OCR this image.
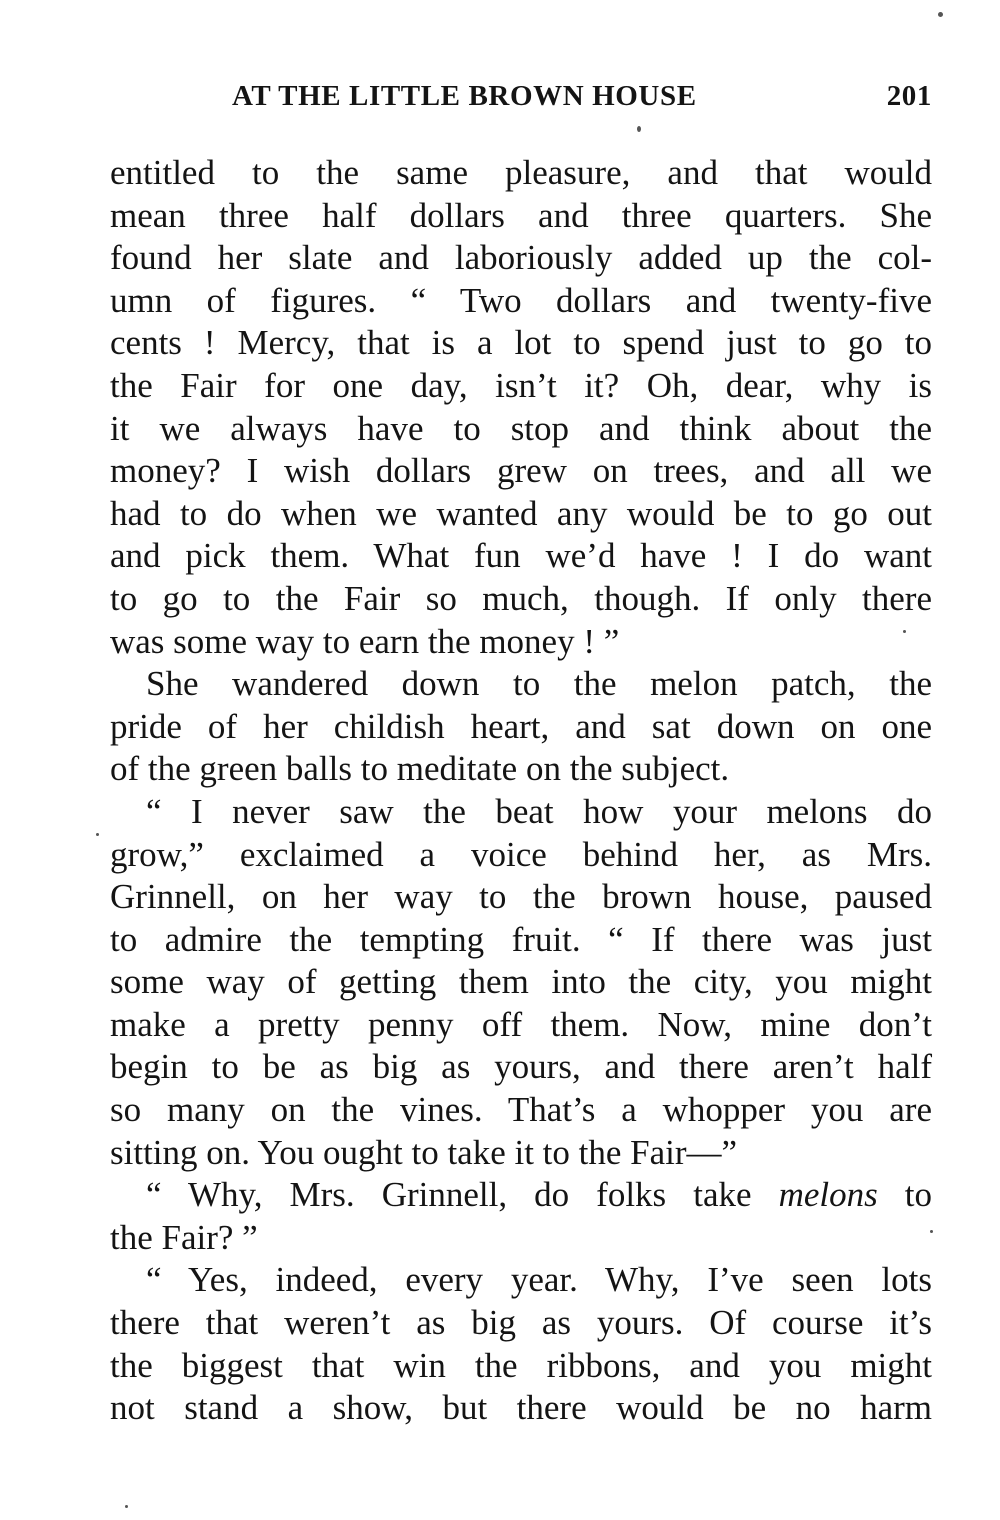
AT THE LITTLE BROWN HOUSE	201
entitled to the same pleasure, and that would
mean three half dollars and three quarters. She
found her slate and laboriously added up the col-
umn of figures. “ Two dollars and twenty-five
cents ! Mercy, that is a lot to spend just to go to
the Fair for one day, isn’t it? Oh, dear, why is
it we always have to stop and think about the
money? I wish dollars grew on trees, and all we
had to do when we wanted any would be to go out
and pick them. What fun we’d have ! I do want
to go to the Fair so much, though. If only there
was some way to earn the money ! ”
She wandered down to the melon patch, the
pride of her childish heart, and sat down on one
of the green balls to meditate on the subject.
“ I never saw the beat how your melons do
grow,” exclaimed a voice behind her, as Mrs.
Grinnell, on her way to the brown house, paused
to admire the tempting fruit. “ If there was just
some way of getting them into the city, you might
make a pretty penny off them. Now, mine don’t
begin to be as big as yours, and there aren’t half
so many on the vines. That’s a whopper you are
sitting on. You ought to take it to the Fair—”
“ Why, Mrs. Grinnell, do folks take melons to
the Fair? ”
“ Yes, indeed, every year. Why, I’ve seen lots
there that weren’t as big as yours. Of course it’s
the biggest that win the ribbons, and you might
not stand a show, but there would be no harm
